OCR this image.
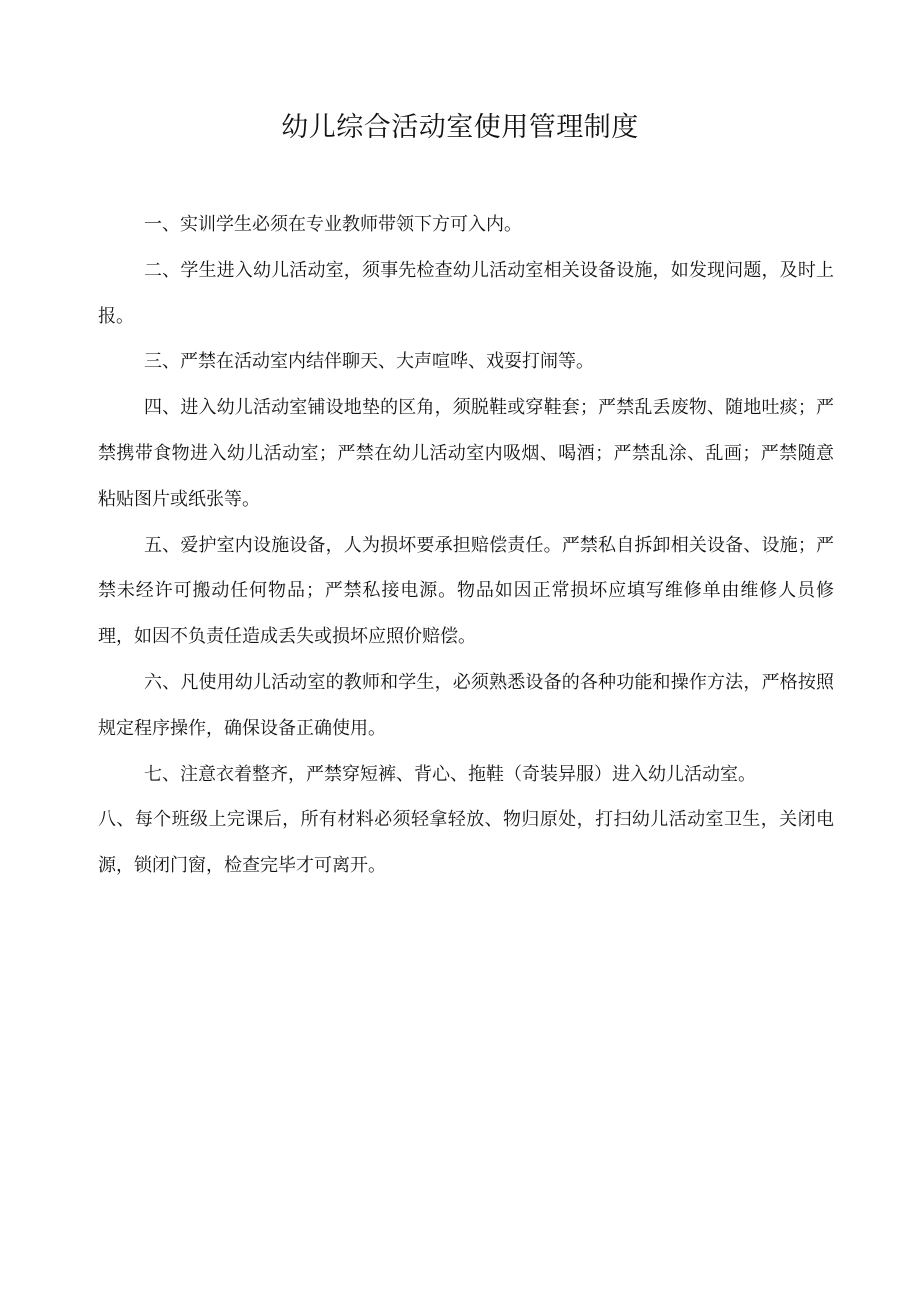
幼儿综合活动室使用管理制度

一、实训学生必须在专业教师带领下方可入内。

二、学生进入幼儿活动室，须事先检查幼儿活动室相关设备设施，如发现问题，及时上报。

三、严禁在活动室内结伴聊天、大声喧哗、戏耍打闹等。

四、进入幼儿活动室铺设地垫的区角，须脱鞋或穿鞋套；严禁乱丢废物、随地吐痰；严禁携带食物进入幼儿活动室；严禁在幼儿活动室内吸烟、喝酒；严禁乱涂、乱画；严禁随意粘贴图片或纸张等。

五、爱护室内设施设备，人为损坏要承担赔偿责任。严禁私自拆卸相关设备、设施；严禁未经许可搬动任何物品；严禁私接电源。物品如因正常损坏应填写维修单由维修人员修理，如因不负责任造成丢失或损坏应照价赔偿。

六、凡使用幼儿活动室的教师和学生，必须熟悉设备的各种功能和操作方法，严格按照规定程序操作，确保设备正确使用。

七、注意衣着整齐，严禁穿短裤、背心、拖鞋（奇装异服）进入幼儿活动室。

八、每个班级上完课后，所有材料必须轻拿轻放、物归原处，打扫幼儿活动室卫生，关闭电源，锁闭门窗，检查完毕才可离开。
